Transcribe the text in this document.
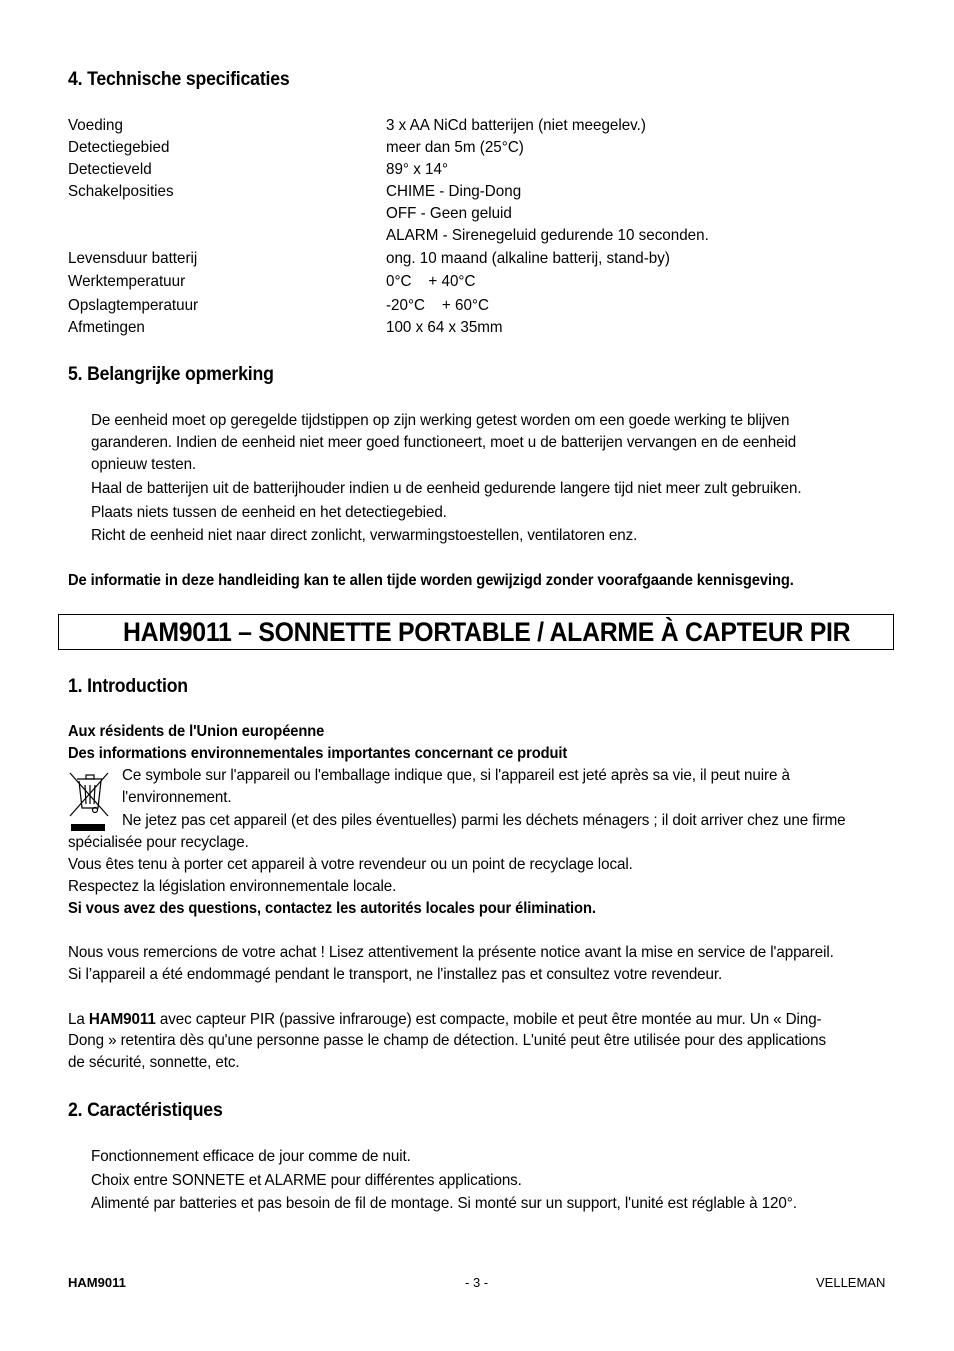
4. Technische specificaties
Voeding	3 x AA NiCd batterijen (niet meegelev.)
Detectiegebied	meer dan 5m (25°C)
Detectieveld	89° x 14°
Schakelposities	CHIME - Ding-Dong
OFF - Geen geluid
ALARM - Sirenegeluid gedurende 10 seconden.
Levensduur batterij	ong. 10 maand (alkaline batterij, stand-by)
Werktemperatuur	0°C    + 40°C
Opslagtemperatuur	-20°C    + 60°C
Afmetingen	100 x 64 x 35mm
5. Belangrijke opmerking
De eenheid moet op geregelde tijdstippen op zijn werking getest worden om een goede werking te blijven
garanderen. Indien de eenheid niet meer goed functioneert, moet u de batterijen vervangen en de eenheid
opnieuw testen.
Haal de batterijen uit de batterijhouder indien u de eenheid gedurende langere tijd niet meer zult gebruiken.
Plaats niets tussen de eenheid en het detectiegebied.
Richt de eenheid niet naar direct zonlicht, verwarmingstoestellen, ventilatoren enz.
De informatie in deze handleiding kan te allen tijde worden gewijzigd zonder voorafgaande kennisgeving.
HAM9011 – SONNETTE PORTABLE / ALARME À CAPTEUR PIR
1. Introduction
Aux résidents de l'Union européenne
Des informations environnementales importantes concernant ce produit
Ce symbole sur l'appareil ou l'emballage indique que, si l'appareil est jeté après sa vie, il peut nuire à
l'environnement.
Ne jetez pas cet appareil (et des piles éventuelles) parmi les déchets ménagers ; il doit arriver chez une firme
spécialisée pour recyclage.
Vous êtes tenu à porter cet appareil à votre revendeur ou un point de recyclage local.
Respectez la législation environnementale locale.
Si vous avez des questions, contactez les autorités locales pour élimination.
Nous vous remercions de votre achat ! Lisez attentivement la présente notice avant la mise en service de l'appareil.
Si l’appareil a été endommagé pendant le transport, ne l'installez pas et consultez votre revendeur.
La HAM9011 avec capteur PIR (passive infrarouge) est compacte, mobile et peut être montée au mur. Un « Ding-
Dong » retentira dès qu'une personne passe le champ de détection. L'unité peut être utilisée pour des applications
de sécurité, sonnette, etc.
2. Caractéristiques
Fonctionnement efficace de jour comme de nuit.
Choix entre SONNETE et ALARME pour différentes applications.
Alimenté par batteries et pas besoin de fil de montage. Si monté sur un support, l'unité est réglable à 120°.
HAM9011	- 3 -	VELLEMAN
